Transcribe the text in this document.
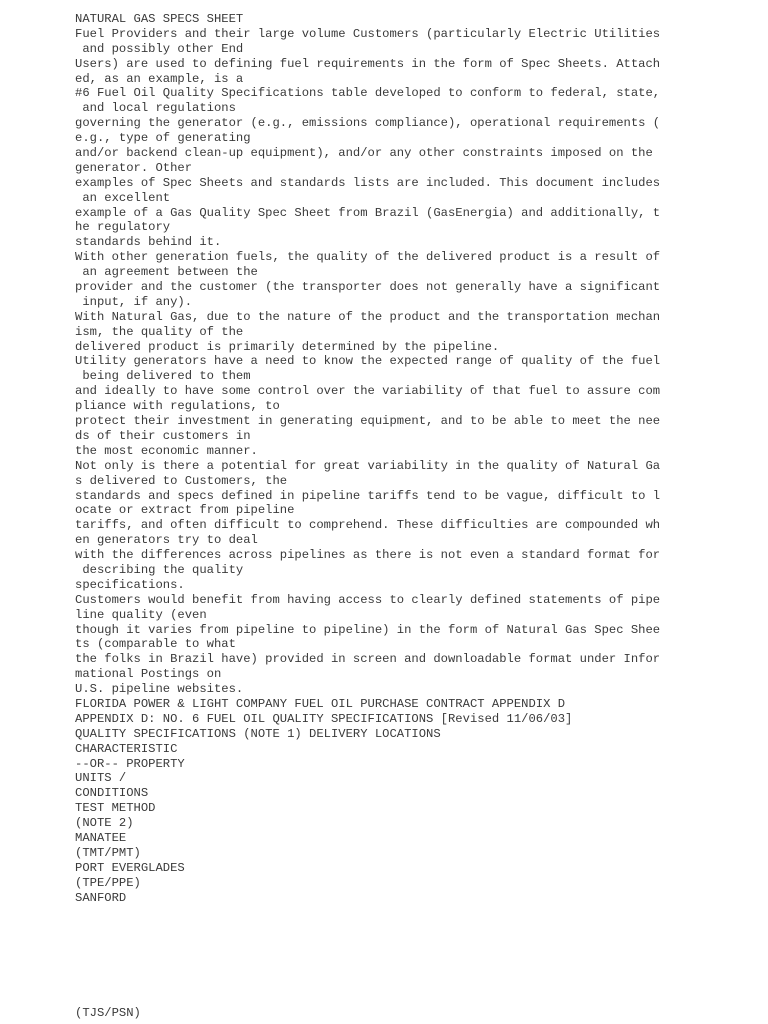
NATURAL GAS SPECS SHEET
Fuel Providers and their large volume Customers (particularly Electric Utilities
and possibly other End
Users) are used to defining fuel requirements in the form of Spec Sheets. Attach
ed, as an example, is a
#6 Fuel Oil Quality Specifications table developed to conform to federal, state,
and local regulations
governing the generator (e.g., emissions compliance), operational requirements (
e.g., type of generating
and/or backend clean-up equipment), and/or any other constraints imposed on the
generator. Other
examples of Spec Sheets and standards lists are included. This document includes
an excellent
example of a Gas Quality Spec Sheet from Brazil (GasEnergia) and additionally, t
he regulatory
standards behind it.
With other generation fuels, the quality of the delivered product is a result of
an agreement between the
provider and the customer (the transporter does not generally have a significant
input, if any).
With Natural Gas, due to the nature of the product and the transportation mechan
ism, the quality of the
delivered product is primarily determined by the pipeline.
Utility generators have a need to know the expected range of quality of the fuel
being delivered to them
and ideally to have some control over the variability of that fuel to assure com
pliance with regulations, to
protect their investment in generating equipment, and to be able to meet the nee
ds of their customers in
the most economic manner.
Not only is there a potential for great variability in the quality of Natural Ga
s delivered to Customers, the
standards and specs defined in pipeline tariffs tend to be vague, difficult to l
ocate or extract from pipeline
tariffs, and often difficult to comprehend. These difficulties are compounded wh
en generators try to deal
with the differences across pipelines as there is not even a standard format for
describing the quality
specifications.
Customers would benefit from having access to clearly defined statements of pipe
line quality (even
though it varies from pipeline to pipeline) in the form of Natural Gas Spec Shee
ts (comparable to what
the folks in Brazil have) provided in screen and downloadable format under Infor
mational Postings on
U.S. pipeline websites.
FLORIDA POWER & LIGHT COMPANY FUEL OIL PURCHASE CONTRACT APPENDIX D
APPENDIX D: NO. 6 FUEL OIL QUALITY SPECIFICATIONS [Revised 11/06/03]
QUALITY SPECIFICATIONS (NOTE 1) DELIVERY LOCATIONS
CHARACTERISTIC
--OR-- PROPERTY
UNITS /
CONDITIONS
TEST METHOD
(NOTE 2)
MANATEE
(TMT/PMT)
PORT EVERGLADES
(TPE/PPE)
SANFORD
(TJS/PSN)
